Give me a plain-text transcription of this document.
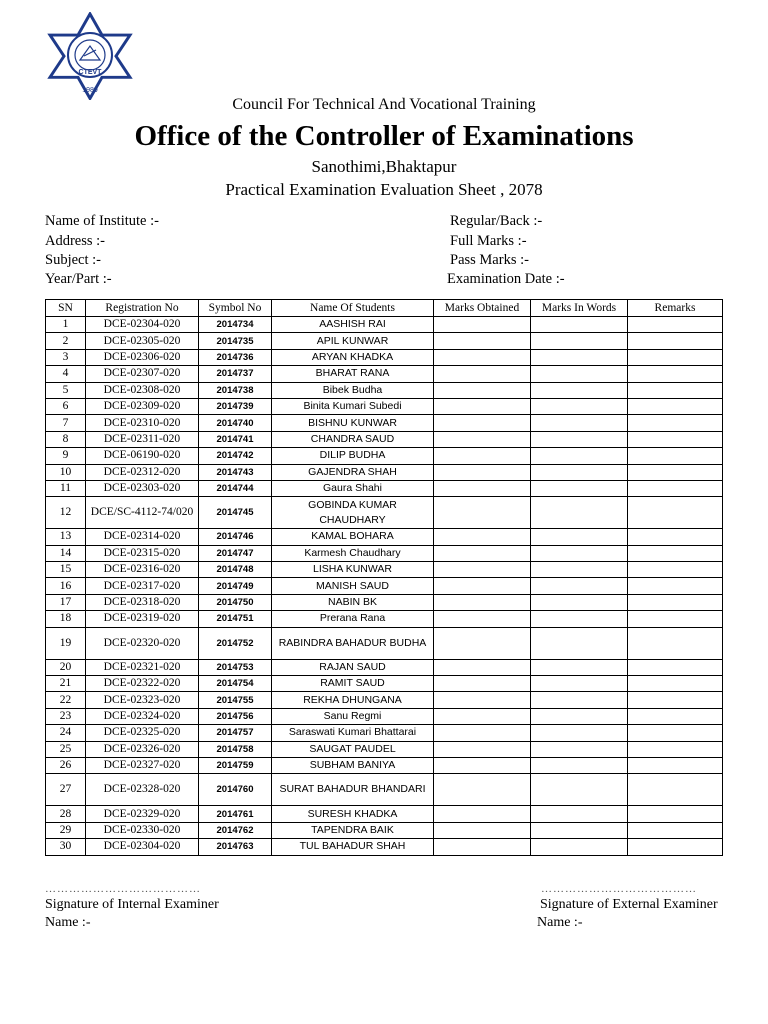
CTEVT
1989
Council For Technical And Vocational Training
Office of the Controller of Examinations
Sanothimi,Bhaktapur
Practical Examination Evaluation Sheet , 2078
Name of Institute :-
Address :-
Subject :-
Year/Part :-
Regular/Back :-
Full Marks :-
Pass Marks :-
Examination Date :-
SN	Registration No	Symbol No	Name Of Students	Marks Obtained	Marks In Words	Remarks
1	DCE-02304-020	2014734	AASHISH RAI			
2	DCE-02305-020	2014735	APIL KUNWAR			
3	DCE-02306-020	2014736	ARYAN KHADKA			
4	DCE-02307-020	2014737	BHARAT RANA			
5	DCE-02308-020	2014738	Bibek Budha			
6	DCE-02309-020	2014739	Binita Kumari Subedi			
7	DCE-02310-020	2014740	BISHNU KUNWAR			
8	DCE-02311-020	2014741	CHANDRA SAUD			
9	DCE-06190-020	2014742	DILIP BUDHA			
10	DCE-02312-020	2014743	GAJENDRA SHAH			
11	DCE-02303-020	2014744	Gaura Shahi			
12	DCE/SC-4112-74/020	2014745	GOBINDA KUMAR CHAUDHARY			
13	DCE-02314-020	2014746	KAMAL BOHARA			
14	DCE-02315-020	2014747	Karmesh Chaudhary			
15	DCE-02316-020	2014748	LISHA KUNWAR			
16	DCE-02317-020	2014749	MANISH SAUD			
17	DCE-02318-020	2014750	NABIN BK			
18	DCE-02319-020	2014751	Prerana Rana			
19	DCE-02320-020	2014752	RABINDRA BAHADUR BUDHA			
20	DCE-02321-020	2014753	RAJAN SAUD			
21	DCE-02322-020	2014754	RAMIT SAUD			
22	DCE-02323-020	2014755	REKHA DHUNGANA			
23	DCE-02324-020	2014756	Sanu Regmi			
24	DCE-02325-020	2014757	Saraswati Kumari Bhattarai			
25	DCE-02326-020	2014758	SAUGAT PAUDEL			
26	DCE-02327-020	2014759	SUBHAM BANIYA			
27	DCE-02328-020	2014760	SURAT BAHADUR BHANDARI			
28	DCE-02329-020	2014761	SURESH KHADKA			
29	DCE-02330-020	2014762	TAPENDRA BAIK			
30	DCE-02304-020	2014763	TUL BAHADUR SHAH			
…………………………………
Signature of Internal Examiner
Name :-
…………………………………
Signature of External Examiner
Name :-
